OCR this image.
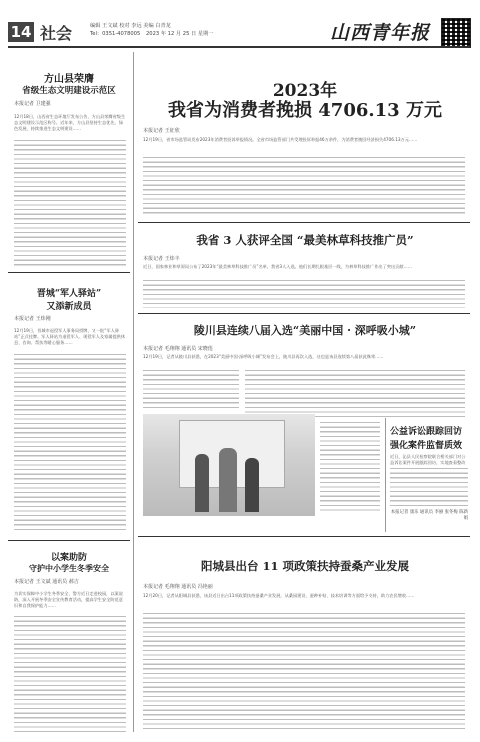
14 社会	编辑 王文斌 校对 李远 美编 白青龙
Tel：0351-4078005 2023 年 12 月 25 日 星期一	山西青年报
方山县荣膺
省级生态文明建设示范区
本报记者 卫建强
12月18日，山西省生态环境厅发布公告，方山县荣膺省级生态文明建设示范区称号。近年来，方山县坚持生态优先、绿色发展，持续推进生态文明建设……
晋城“军人驿站”
又添新成员
本报记者 王炜刚
12月19日，晋城市退役军人事务局授牌，又一批“军人驿站”正式挂牌。军人驿站为退役军人、现役军人及家属提供休息、咨询、帮扶等暖心服务……
以案助防
守护中小学生冬季安全
本报记者 王文斌 通讯员 郝吉
为切实保障中小学生冬季安全，警方近日走进校园，以案说防，深入开展冬季安全宣传教育活动，提高学生安全防范意识和自我保护能力……
2023年
我省为消费者挽损 4706.13 万元
本报记者 王征欣
12月19日，省市场监管局发布2023年消费者投诉举报情况。全省市场监管部门共受理投诉举报46万余件，为消费者挽回经济损失4706.13万元……
我省 3 人获评全国 “最美林草科技推广员”
本报记者 王炜丰
近日，国家林业和草原局公布了2023年“最美林草科技推广员”名单，我省3人入选。他们长期扎根基层一线，为林草科技推广作出了突出贡献……
陵川县连续八届入选“美丽中国 · 深呼吸小城”
本报记者 毛翔翔 通讯员 宋晓莲
12月19日，记者从陵川县获悉，在2023“美丽中国·深呼吸小城”发布会上，陵川县再次入选，这也是该县连续第八届获此殊荣……
公益诉讼跟踪回访
强化案件监督质效
近日，沁县人民检察院联合相关部门对公益诉讼案件开展跟踪回访，实地查看整改
本报记者 康乐 通讯员 李丽 张冬梅 陈新娟
阳城县出台 11 项政策扶持蚕桑产业发展
本报记者 毛翔翔 通讯员 冯艳丽
12月20日，记者从阳城县获悉，该县近日出台11项政策扶持蚕桑产业发展，从桑园建设、蚕种补贴、技术培训等方面给予支持，助力农民增收……
